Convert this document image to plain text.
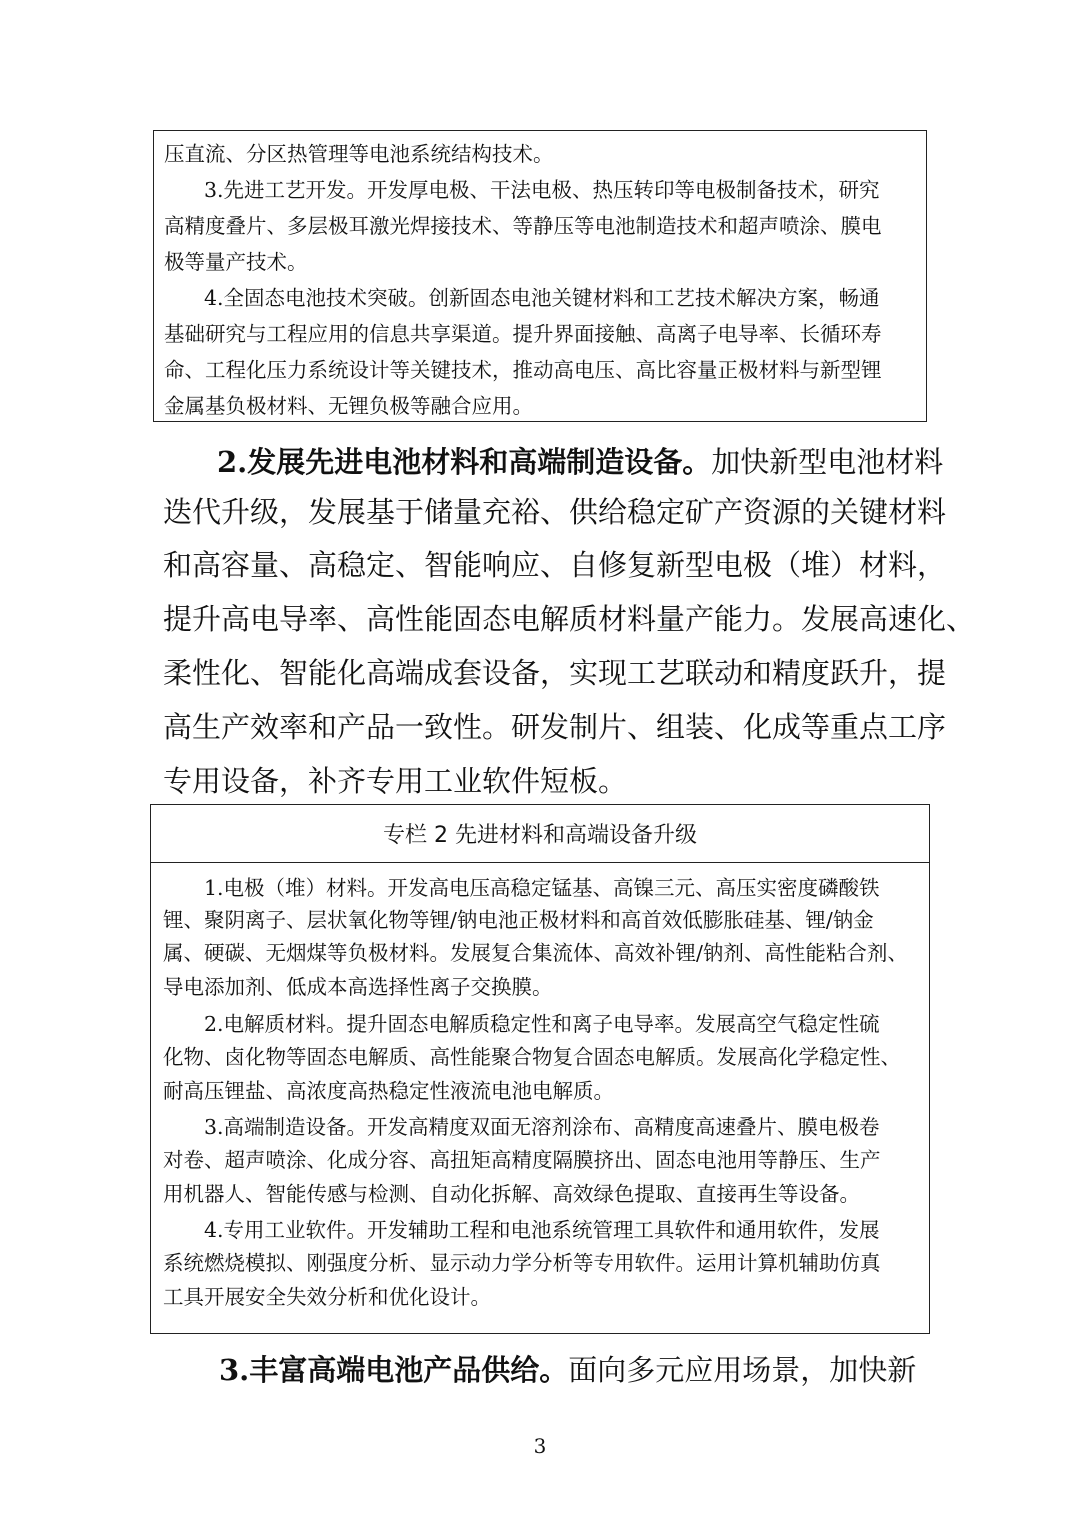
压直流、分区热管理等电池系统结构技术。
3.先进工艺开发。开发厚电极、干法电极、热压转印等电极制备技术，研究
高精度叠片、多层极耳激光焊接技术、等静压等电池制造技术和超声喷涂、膜电
极等量产技术。
4.全固态电池技术突破。创新固态电池关键材料和工艺技术解决方案，畅通
基础研究与工程应用的信息共享渠道。提升界面接触、高离子电导率、长循环寿
命、工程化压力系统设计等关键技术，推动高电压、高比容量正极材料与新型锂
金属基负极材料、无锂负极等融合应用。
2.发展先进电池材料和高端制造设备。加快新型电池材料
迭代升级，发展基于储量充裕、供给稳定矿产资源的关键材料
和高容量、高稳定、智能响应、自修复新型电极（堆）材料，
提升高电导率、高性能固态电解质材料量产能力。发展高速化、
柔性化、智能化高端成套设备，实现工艺联动和精度跃升，提
高生产效率和产品一致性。研发制片、组装、化成等重点工序
专用设备，补齐专用工业软件短板。
专栏 2 先进材料和高端设备升级
1.电极（堆）材料。开发高电压高稳定锰基、高镍三元、高压实密度磷酸铁
锂、聚阴离子、层状氧化物等锂/钠电池正极材料和高首效低膨胀硅基、锂/钠金
属、硬碳、无烟煤等负极材料。发展复合集流体、高效补锂/钠剂、高性能粘合剂、
导电添加剂、低成本高选择性离子交换膜。
2.电解质材料。提升固态电解质稳定性和离子电导率。发展高空气稳定性硫
化物、卤化物等固态电解质、高性能聚合物复合固态电解质。发展高化学稳定性、
耐高压锂盐、高浓度高热稳定性液流电池电解质。
3.高端制造设备。开发高精度双面无溶剂涂布、高精度高速叠片、膜电极卷
对卷、超声喷涂、化成分容、高扭矩高精度隔膜挤出、固态电池用等静压、生产
用机器人、智能传感与检测、自动化拆解、高效绿色提取、直接再生等设备。
4.专用工业软件。开发辅助工程和电池系统管理工具软件和通用软件，发展
系统燃烧模拟、刚强度分析、显示动力学分析等专用软件。运用计算机辅助仿真
工具开展安全失效分析和优化设计。
3.丰富高端电池产品供给。面向多元应用场景，加快新
3
